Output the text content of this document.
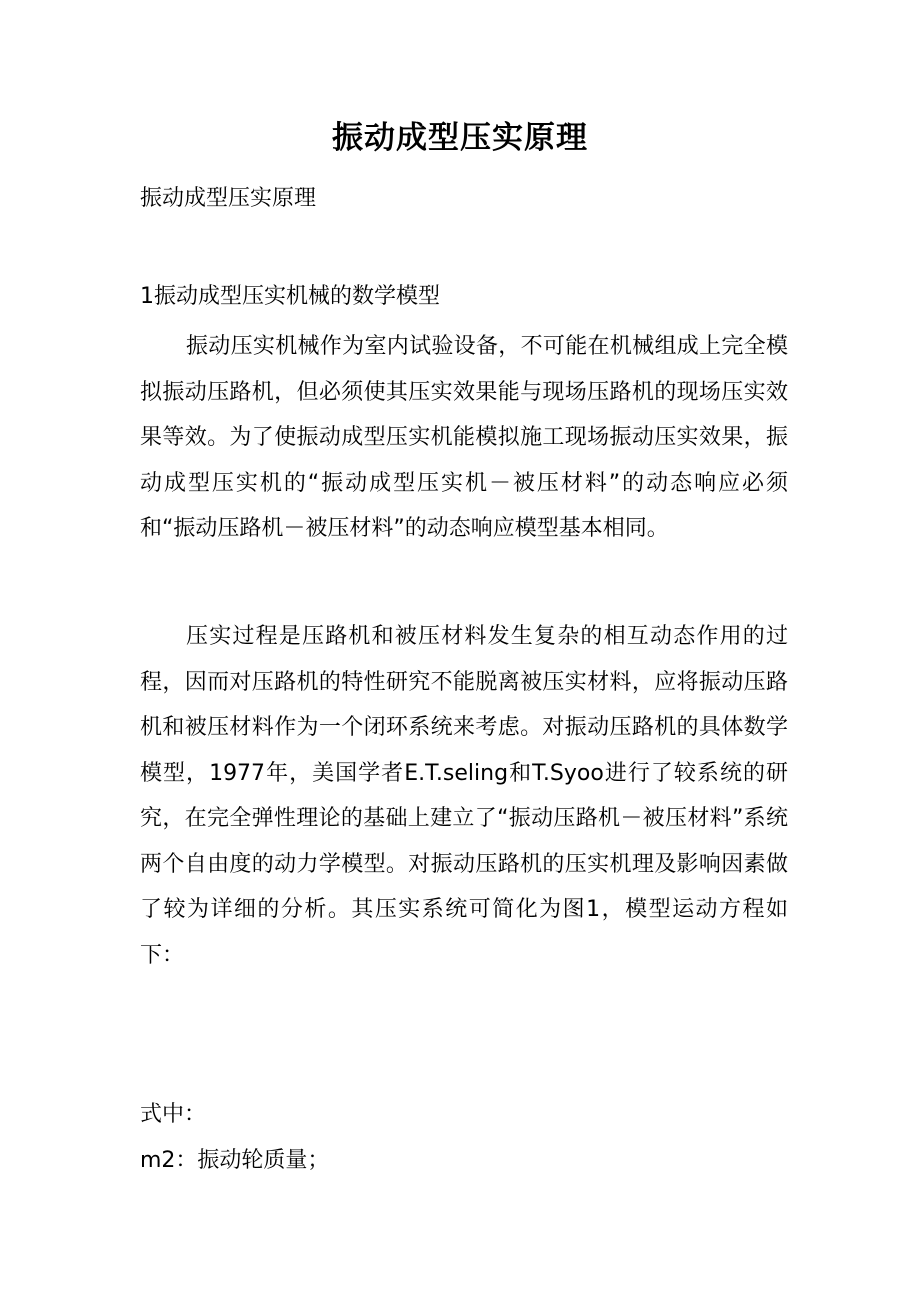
振动成型压实原理
振动成型压实原理
1振动成型压实机械的数学模型

振动压实机械作为室内试验设备，不可能在机械组成上完全模拟振动压路机，但必须使其压实效果能与现场压路机的现场压实效果等效。为了使振动成型压实机能模拟施工现场振动压实效果，振动成型压实机的“振动成型压实机－被压材料”的动态响应必须和“振动压路机－被压材料”的动态响应模型基本相同。

压实过程是压路机和被压材料发生复杂的相互动态作用的过程，因而对压路机的特性研究不能脱离被压实材料，应将振动压路机和被压材料作为一个闭环系统来考虑。对振动压路机的具体数学模型，1977年，美国学者E.T.seling和T.Syoo进行了较系统的研究，在完全弹性理论的基础上建立了“振动压路机－被压材料”系统两个自由度的动力学模型。对振动压路机的压实机理及影响因素做了较为详细的分析。其压实系统可简化为图1，模型运动方程如下：

式中：
m2：振动轮质量；
